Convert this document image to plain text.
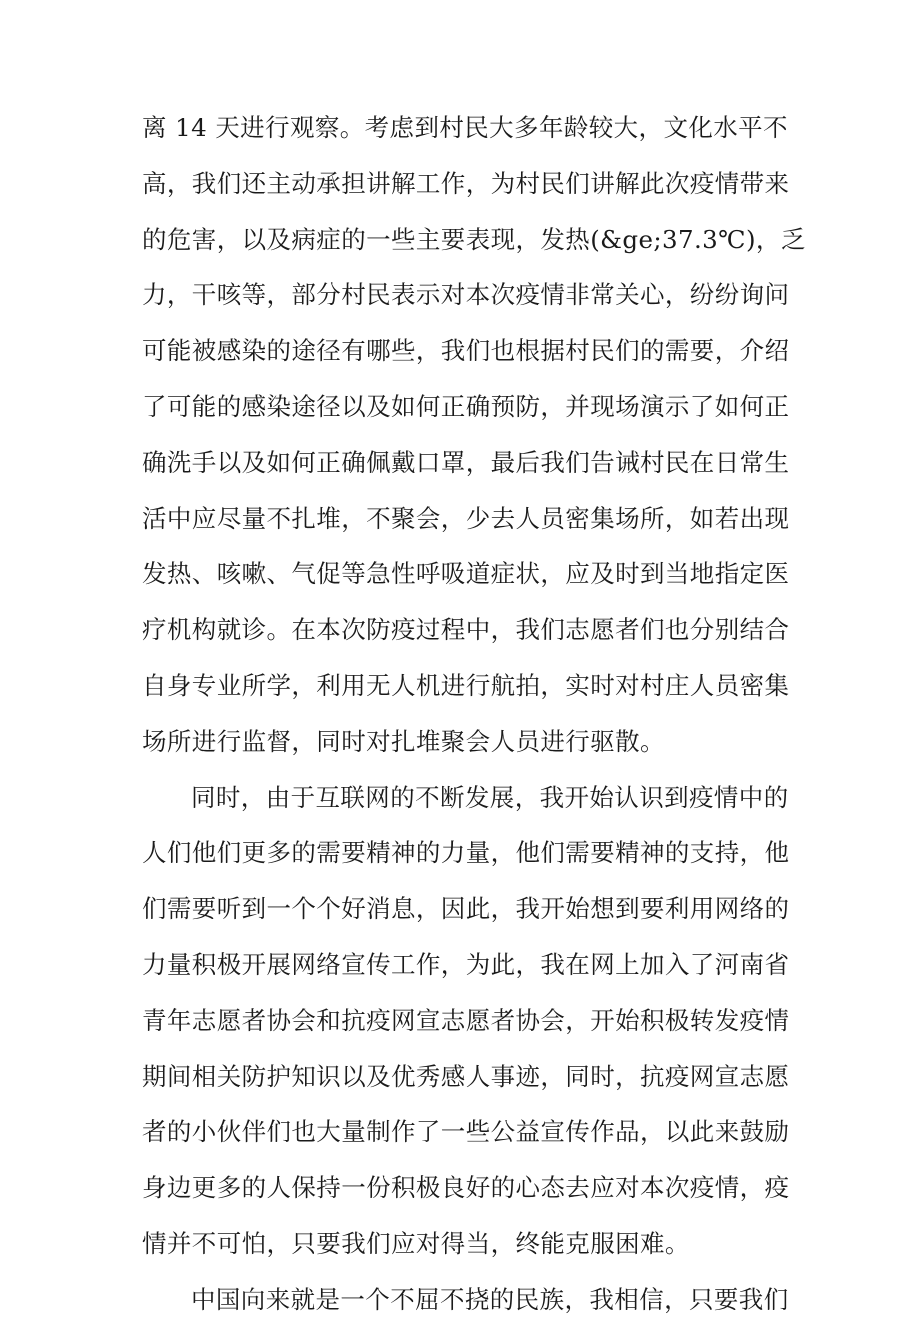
离 14 天进行观察。考虑到村民大多年龄较大，文化水平不
高，我们还主动承担讲解工作，为村民们讲解此次疫情带来
的危害，以及病症的一些主要表现，发热(&ge;37.3℃)，乏
力，干咳等，部分村民表示对本次疫情非常关心，纷纷询问
可能被感染的途径有哪些，我们也根据村民们的需要，介绍
了可能的感染途径以及如何正确预防，并现场演示了如何正
确洗手以及如何正确佩戴口罩，最后我们告诫村民在日常生
活中应尽量不扎堆，不聚会，少去人员密集场所，如若出现
发热、咳嗽、气促等急性呼吸道症状，应及时到当地指定医
疗机构就诊。在本次防疫过程中，我们志愿者们也分别结合
自身专业所学，利用无人机进行航拍，实时对村庄人员密集
场所进行监督，同时对扎堆聚会人员进行驱散。
同时，由于互联网的不断发展，我开始认识到疫情中的
人们他们更多的需要精神的力量，他们需要精神的支持，他
们需要听到一个个好消息，因此，我开始想到要利用网络的
力量积极开展网络宣传工作，为此，我在网上加入了河南省
青年志愿者协会和抗疫网宣志愿者协会，开始积极转发疫情
期间相关防护知识以及优秀感人事迹，同时，抗疫网宣志愿
者的小伙伴们也大量制作了一些公益宣传作品，以此来鼓励
身边更多的人保持一份积极良好的心态去应对本次疫情，疫
情并不可怕，只要我们应对得当，终能克服困难。
中国向来就是一个不屈不挠的民族，我相信，只要我们
